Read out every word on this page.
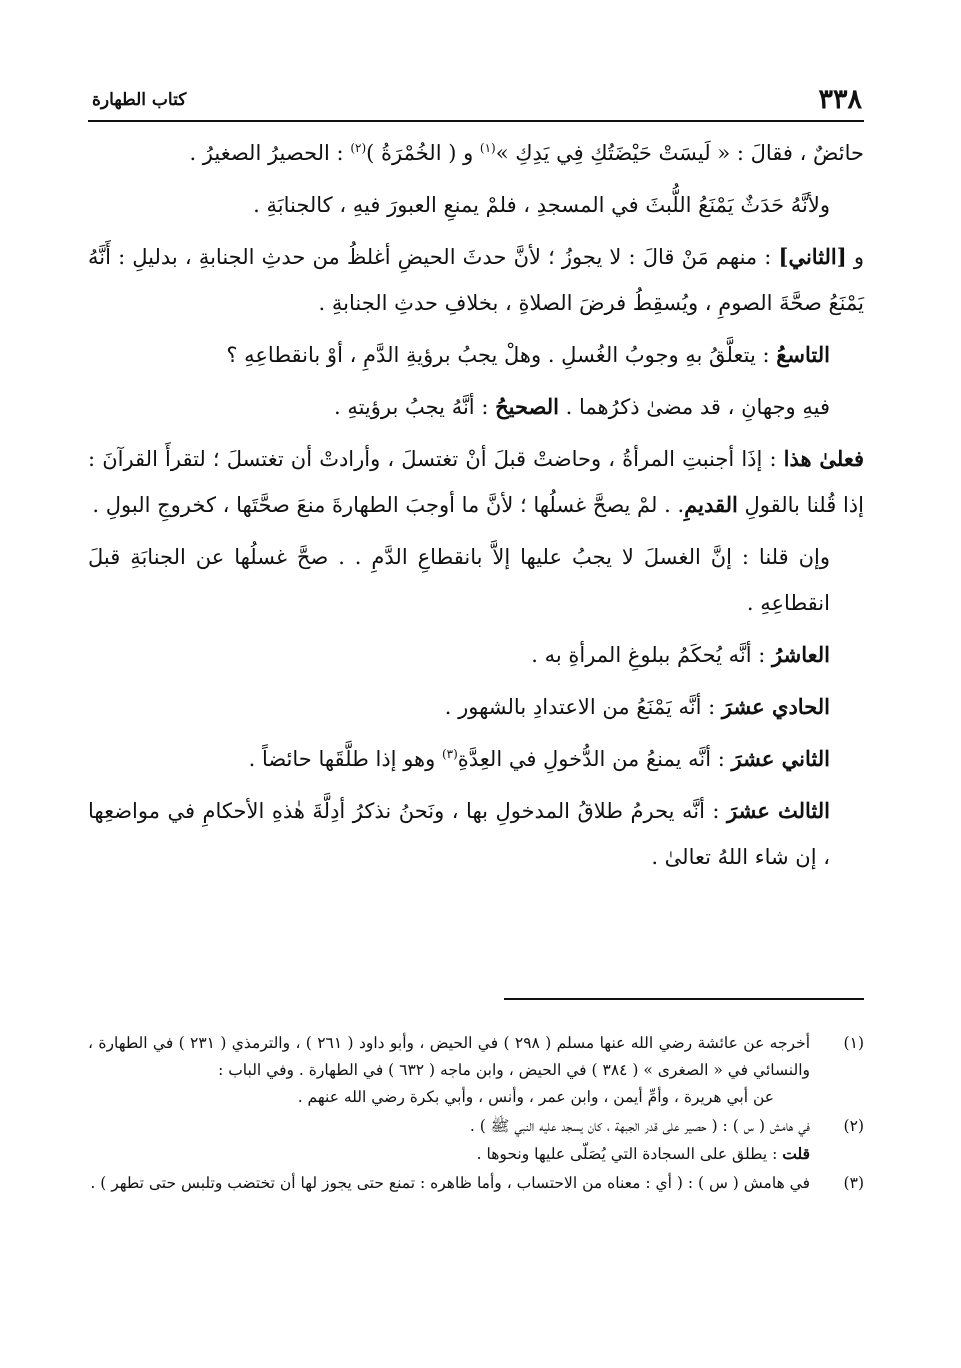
٣٣٨
كتاب الطهارة

حائضٌ ، فقالَ : « لَيسَتْ حَيْضَتُكِ فِي يَدِكِ »$^{(١)}$ و ( الخُمْرَةُ )$^{(٢)}$ : الحصيرُ الصغيرُ .

ولأنَّهُ حَدَثٌ يَمْنَعُ اللُّبثَ في المسجدِ ، فلمْ يمنعِ العبورَ فيهِ ، كالجنابَةِ .

و [الثاني] : منهم مَنْ قالَ : لا يجوزُ ؛ لأنَّ حدثَ الحيضِ أغلظُ من حدثِ الجنابةِ ، بدليلِ : أَنَّهُ يَمْنَعُ صحَّةَ الصومِ ، ويُسقِطُ فرضَ الصلاةِ ، بخلافِ حدثِ الجنابةِ .

التاسعُ : يتعلَّقُ بهِ وجوبُ الغُسلِ . وهلْ يجبُ برؤيةِ الدَّمِ ، أوْ بانقطاعِهِ ؟

فيهِ وجهانِ ، قد مضىٰ ذكرُهما . الصحيحُ : أنَّهُ يجبُ برؤيتهِ .

فعلىٰ هذا : إذَا أجنبتِ المرأةُ ، وحاضتْ قبلَ أنْ تغتسلَ ، وأرادتْ أن تغتسلَ ؛ لتقرأَ القرآنَ : إذا قُلنا بالقولِ القديمِ. . لمْ يصحَّ غسلُها ؛ لأنَّ ما أوجبَ الطهارةَ منعَ صحَّتَها ، كخروجِ البولِ .

وإن قلنا : إنَّ الغسلَ لا يجبُ عليها إلاَّ بانقطاعِ الدَّمِ . . صحَّ غسلُها عن الجنابَةِ قبلَ انقطاعِهِ .

العاشرُ : أنَّه يُحكَمُ ببلوغِ المرأةِ به .

الحادي عشرَ : أنَّه يَمْنَعُ من الاعتدادِ بالشهور .

الثاني عشرَ : أنَّه يمنعُ من الدُّخولِ في العِدَّةِ$^{(٣)}$ وهو إذا طلَّقَها حائضاً .

الثالث عشرَ : أنَّه يحرمُ طلاقُ المدخولِ بها ، ونَحنُ نذكرُ أدِلَّةَ هٰذهِ الأحكامِ في مواضعِها ، إن شاء اللهُ تعالىٰ .

(١)
أخرجه عن عائشة رضي الله عنها مسلم ( ٢٩٨ ) في الحيض ، وأبو داود ( ٢٦١ ) ، والترمذي ( ٢٣١ ) في الطهارة ، والنسائي في « الصغرى » ( ٣٨٤ ) في الحيض ، وابن ماجه ( ٦٣٢ ) في الطهارة . وفي الباب :
عن أبي هريرة ، وأمِّ أيمن ، وابن عمر ، وأنس ، وأبي بكرة رضي الله عنهم .
(٢)
في هامش ( س ) : ( حصير على قدر الجبهة ، كان يسجد عليه النبي ﷺ ) .
قلت : يطلق على السجادة التي يُصَلّى عليها ونحوها .
(٣)
في هامش ( س ) : ( أي : معناه من الاحتساب ، وأما ظاهره : تمنع حتى يجوز لها أن تختضب وتلبس حتى تطهر ) .
